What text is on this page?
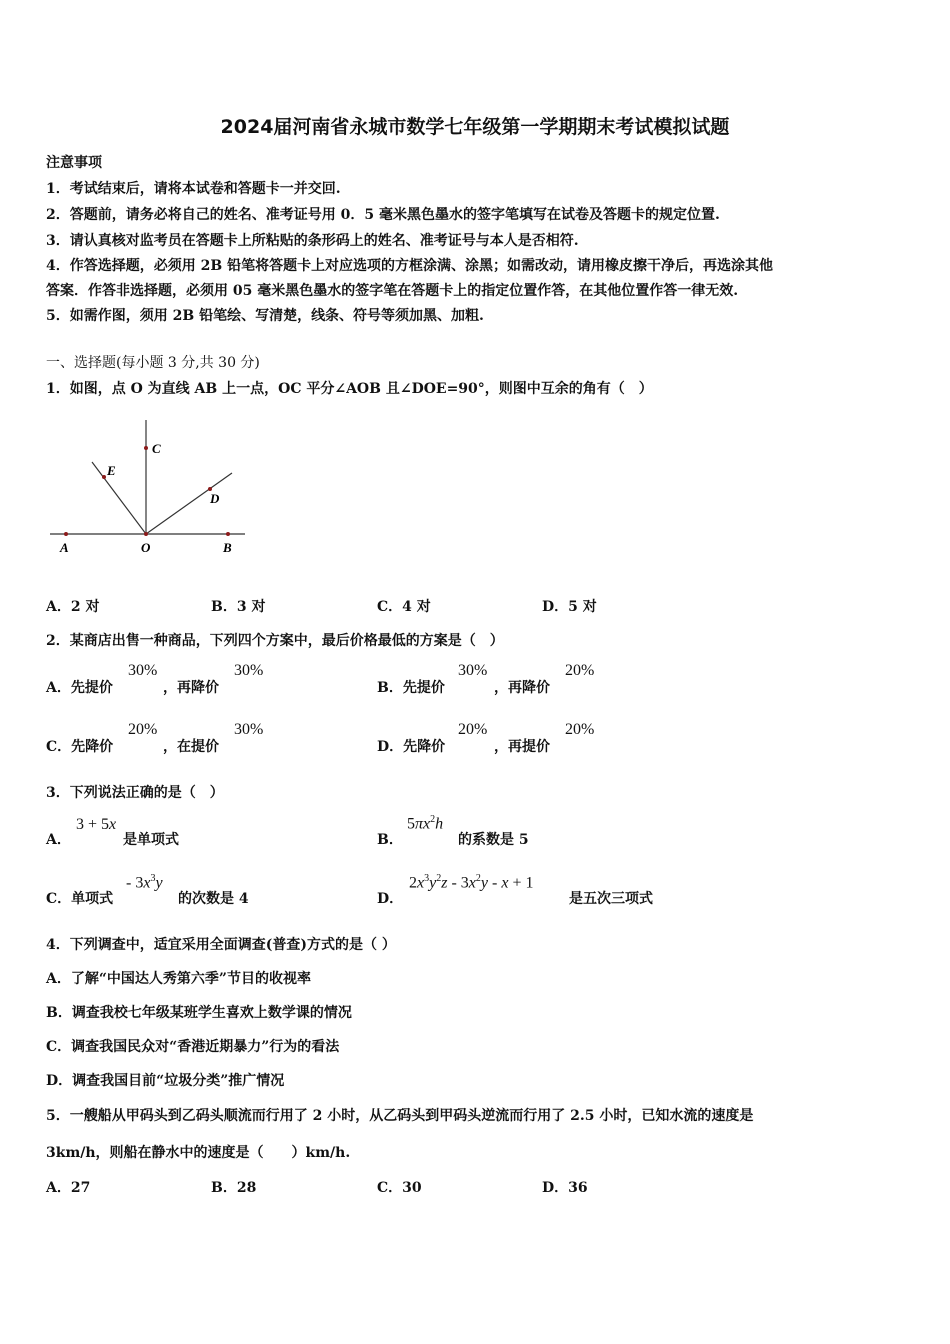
2024届河南省永城市数学七年级第一学期期末考试模拟试题
注意事项
1．考试结束后，请将本试卷和答题卡一并交回.
2．答题前，请务必将自己的姓名、准考证号用 0．5 毫米黑色墨水的签字笔填写在试卷及答题卡的规定位置.
3．请认真核对监考员在答题卡上所粘贴的条形码上的姓名、准考证号与本人是否相符.
4．作答选择题，必须用 2B 铅笔将答题卡上对应选项的方框涂满、涂黑；如需改动，请用橡皮擦干净后，再选涂其他
答案．作答非选择题，必须用 05 毫米黑色墨水的签字笔在答题卡上的指定位置作答，在其他位置作答一律无效.
5．如需作图，须用 2B 铅笔绘、写清楚，线条、符号等须加黑、加粗.
一、选择题(每小题 3 分,共 30 分)
1．如图，点 O 为直线 AB 上一点，OC 平分∠AOB 且∠DOE=90°，则图中互余的角有（　）
A	O	B
C
E
D
A．2 对	B．3 对	C．4 对	D．5 对
2．某商店出售一种商品，下列四个方案中，最后价格最低的方案是（　）
A．先提价
30%
，再降价
30%
B．先提价
30%
，再降价
20%
C．先降价
20%
，在提价
30%
D．先降价
20%
，再提价
20%
3．下列说法正确的是（　）
A．
3 + 5x
是单项式	B．
$5\pi x^2h$
的系数是 5
C．单项式
- $3x^3y$
的次数是 4	D．
$2x^3y^2z - 3x^2y - x + 1$
是五次三项式
4．下列调查中，适宜采用全面调查(普查)方式的是（ ）
A．了解“中国达人秀第六季”节目的收视率
B．调查我校七年级某班学生喜欢上数学课的情况
C．调查我国民众对“香港近期暴力”行为的看法
D．调查我国目前“垃圾分类”推广情况
5．一艘船从甲码头到乙码头顺流而行用了 2 小时，从乙码头到甲码头逆流而行用了 2.5 小时，已知水流的速度是
3km/h，则船在静水中的速度是（　　）km/h.
A．27	B．28	C．30	D．36
